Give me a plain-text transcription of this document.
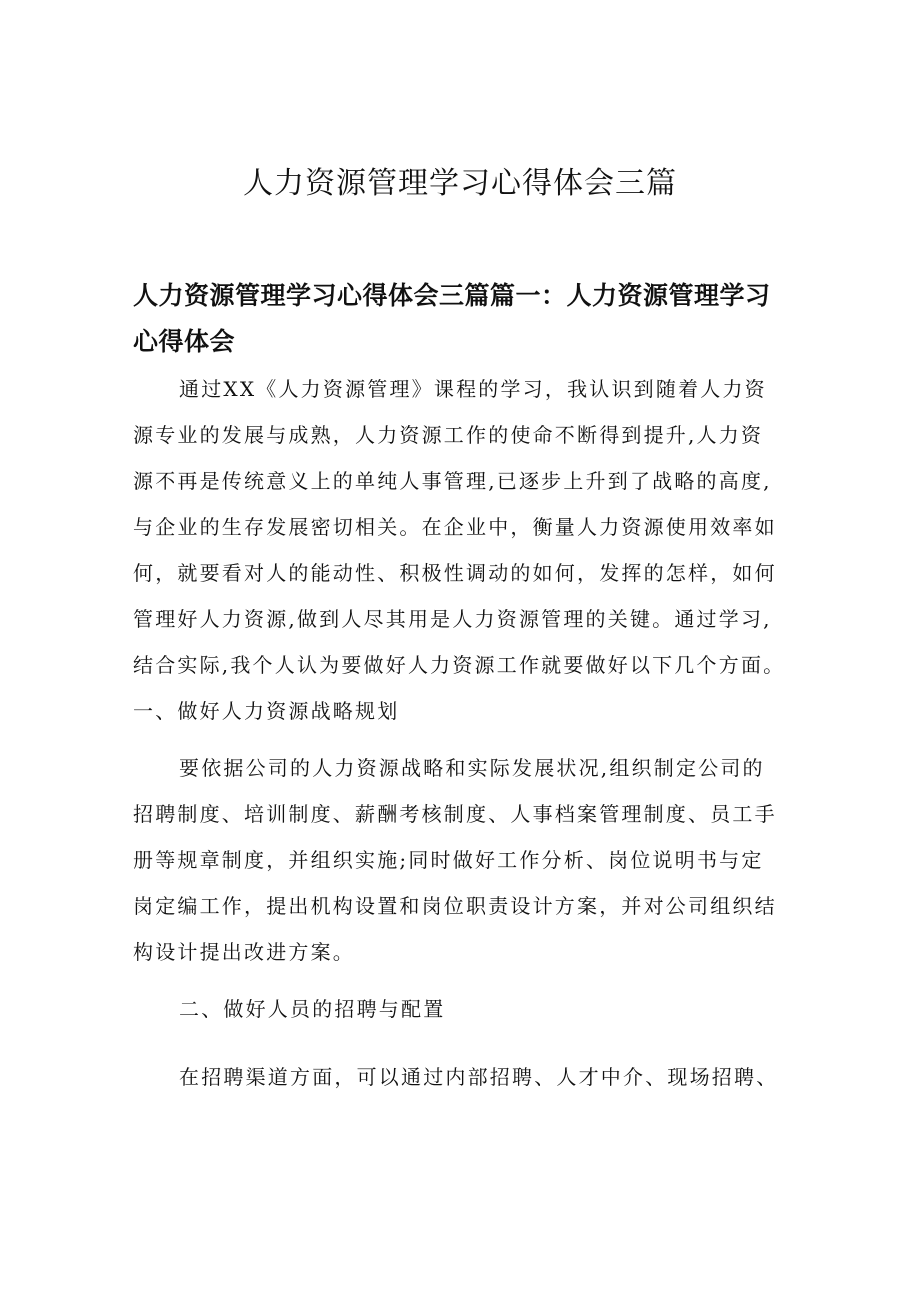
人力资源管理学习心得体会三篇
人力资源管理学习心得体会三篇篇一：人力资源管理学习
心得体会
通过XX《人力资源管理》课程的学习，我认识到随着人力资
源专业的发展与成熟，人力资源工作的使命不断得到提升,人力资
源不再是传统意义上的单纯人事管理,已逐步上升到了战略的高度,
与企业的生存发展密切相关。在企业中，衡量人力资源使用效率如
何，就要看对人的能动性、积极性调动的如何，发挥的怎样，如何
管理好人力资源,做到人尽其用是人力资源管理的关键。通过学习,
结合实际,我个人认为要做好人力资源工作就要做好以下几个方面。
一、做好人力资源战略规划
要依据公司的人力资源战略和实际发展状况,组织制定公司的
招聘制度、培训制度、薪酬考核制度、人事档案管理制度、员工手
册等规章制度，并组织实施;同时做好工作分析、岗位说明书与定
岗定编工作，提出机构设置和岗位职责设计方案，并对公司组织结
构设计提出改进方案。
二、做好人员的招聘与配置
在招聘渠道方面，可以通过内部招聘、人才中介、现场招聘、
